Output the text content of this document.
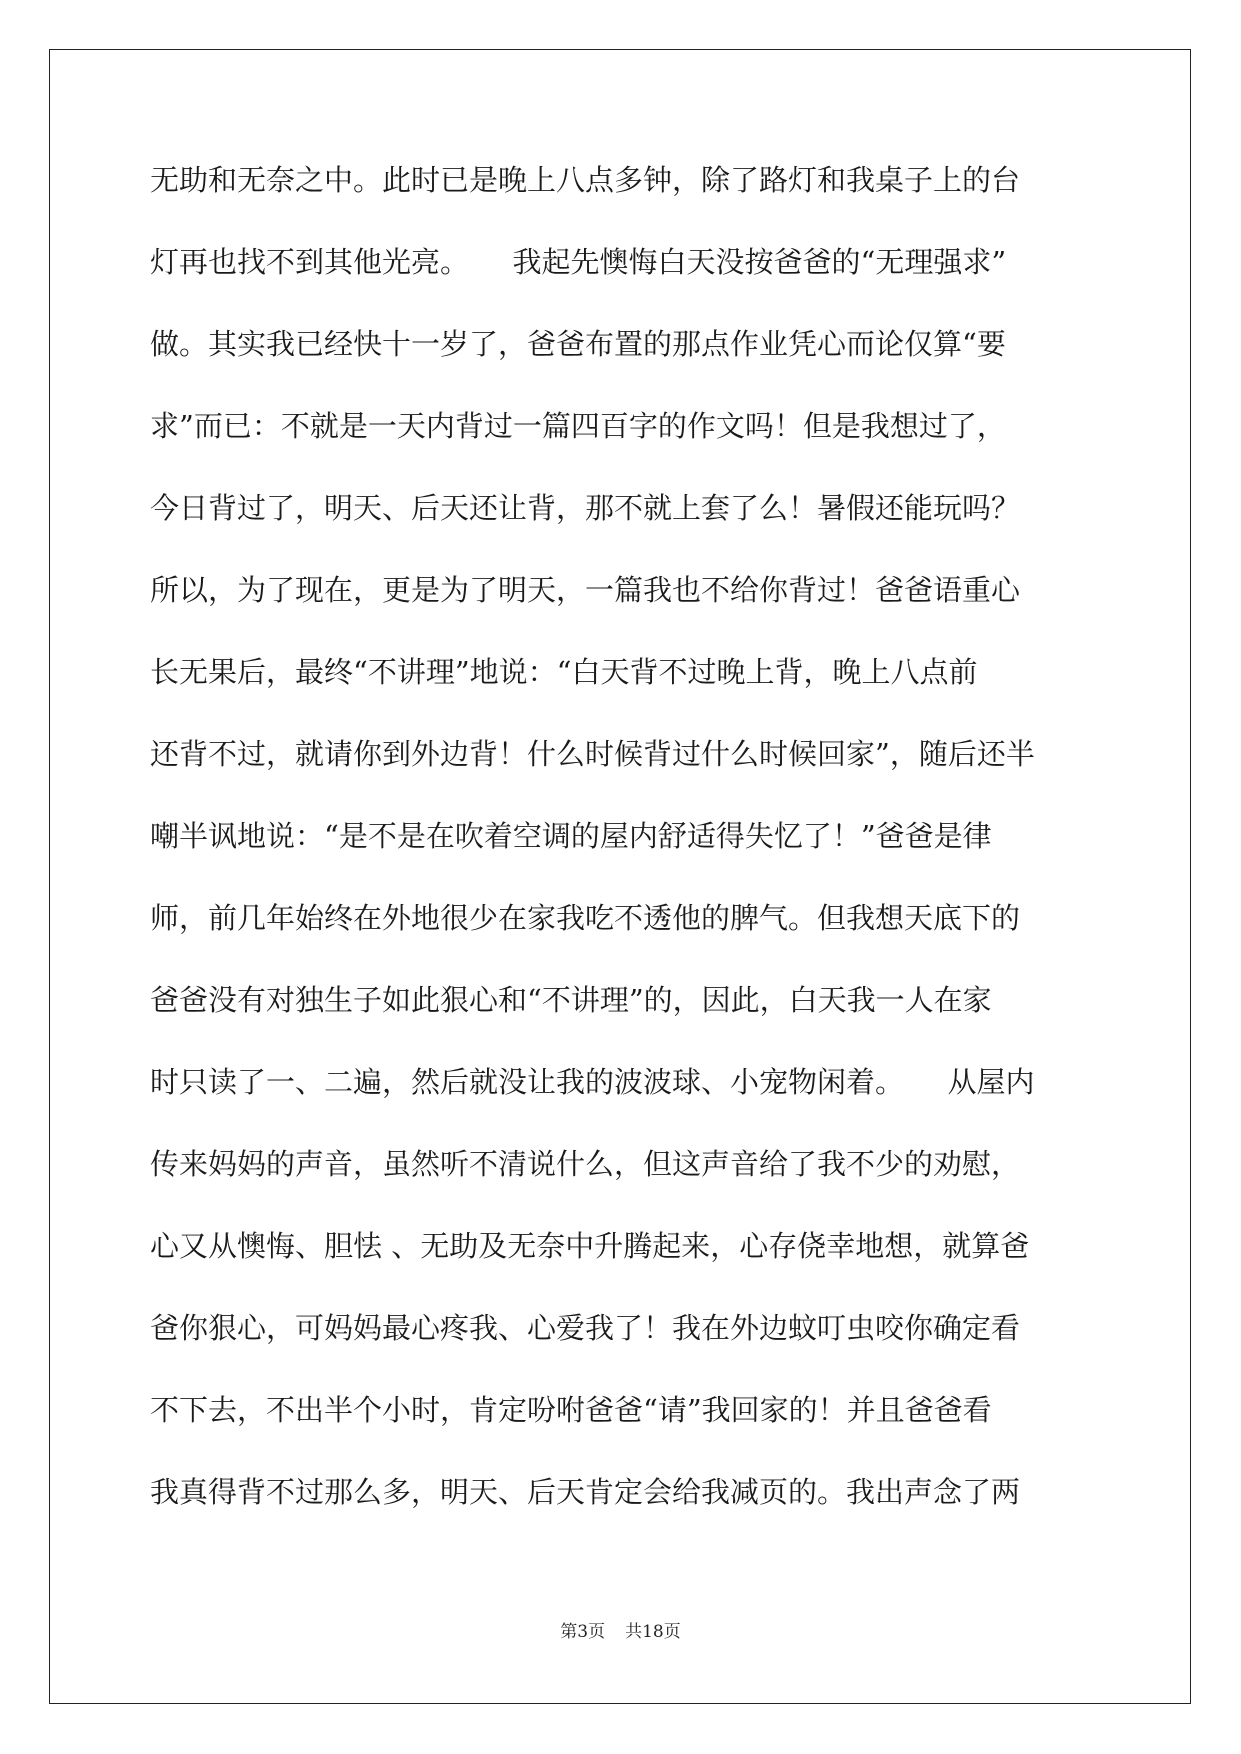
无助和无奈之中。此时已是晚上八点多钟，除了路灯和我桌子上的台
灯再也找不到其他光亮。　　我起先懊悔白天没按爸爸的“无理强求”
做。其实我已经快十一岁了，爸爸布置的那点作业凭心而论仅算“要
求”而已：不就是一天内背过一篇四百字的作文吗！但是我想过了，
今日背过了，明天、后天还让背，那不就上套了么！暑假还能玩吗？
所以，为了现在，更是为了明天，一篇我也不给你背过！爸爸语重心
长无果后，最终“不讲理”地说：“白天背不过晚上背，晚上八点前
还背不过，就请你到外边背！什么时候背过什么时候回家”，随后还半
嘲半讽地说：“是不是在吹着空调的屋内舒适得失忆了！”爸爸是律
师，前几年始终在外地很少在家我吃不透他的脾气。但我想天底下的
爸爸没有对独生子如此狠心和“不讲理”的，因此，白天我一人在家
时只读了一、二遍，然后就没让我的波波球、小宠物闲着。　　从屋内
传来妈妈的声音，虽然听不清说什么，但这声音给了我不少的劝慰，
心又从懊悔、胆怯 、无助及无奈中升腾起来，心存侥幸地想，就算爸
爸你狠心，可妈妈最心疼我、心爱我了！我在外边蚊叮虫咬你确定看
不下去，不出半个小时，肯定吩咐爸爸“请”我回家的！并且爸爸看
我真得背不过那么多，明天、后天肯定会给我减页的。我出声念了两
第3页 共18页
